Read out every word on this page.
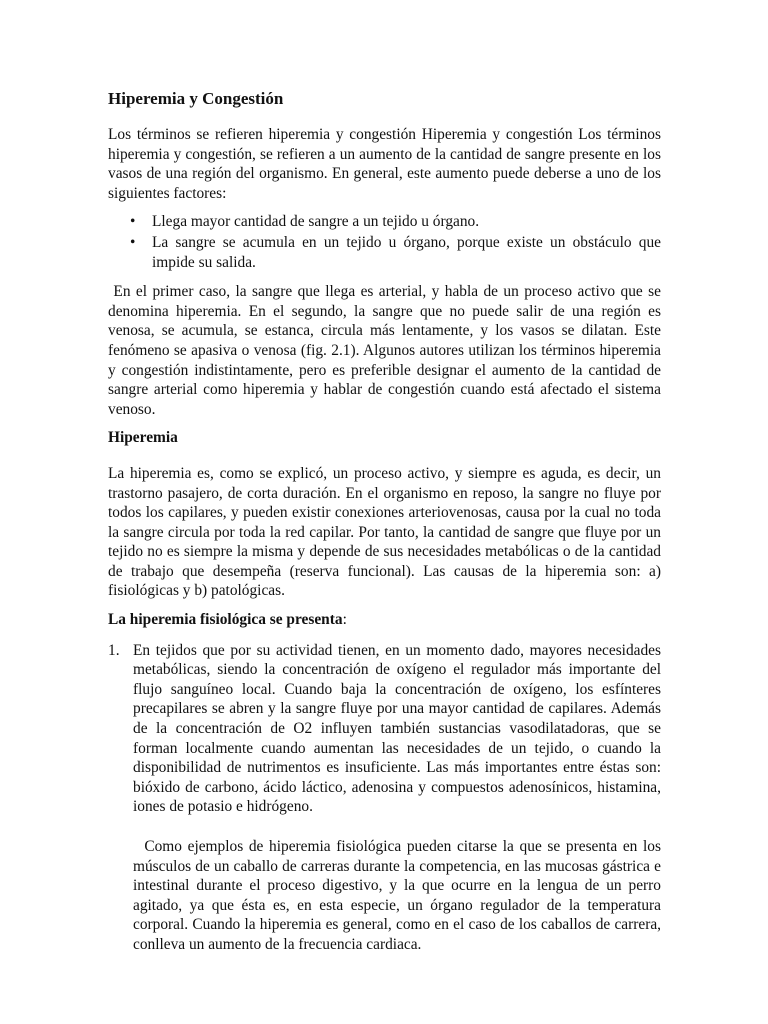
Hiperemia y Congestión

Los términos se refieren hiperemia y congestión Hiperemia y congestión Los términos hiperemia y congestión, se refieren a un aumento de la cantidad de sangre presente en los vasos de una región del organismo. En general, este aumento puede deberse a uno de los siguientes factores:

• Llega mayor cantidad de sangre a un tejido u órgano.
• La sangre se acumula en un tejido u órgano, porque existe un obstáculo que impide su salida.

En el primer caso, la sangre que llega es arterial, y habla de un proceso activo que se denomina hiperemia. En el segundo, la sangre que no puede salir de una región es venosa, se acumula, se estanca, circula más lentamente, y los vasos se dilatan. Este fenómeno se apasiva o venosa (fig. 2.1). Algunos autores utilizan los términos hiperemia y congestión indistintamente, pero es preferible designar el aumento de la cantidad de sangre arterial como hiperemia y hablar de congestión cuando está afectado el sistema venoso.

Hiperemia

La hiperemia es, como se explicó, un proceso activo, y siempre es aguda, es decir, un trastorno pasajero, de corta duración. En el organismo en reposo, la sangre no fluye por todos los capilares, y pueden existir conexiones arteriovenosas, causa por la cual no toda la sangre circula por toda la red capilar. Por tanto, la cantidad de sangre que fluye por un tejido no es siempre la misma y depende de sus necesidades metabólicas o de la cantidad de trabajo que desempeña (reserva funcional). Las causas de la hiperemia son: a) fisiológicas y b) patológicas.

La hiperemia fisiológica se presenta:
1. En tejidos que por su actividad tienen, en un momento dado, mayores necesidades metabólicas, siendo la concentración de oxígeno el regulador más importante del flujo sanguíneo local. Cuando baja la concentración de oxígeno, los esfínteres precapilares se abren y la sangre fluye por una mayor cantidad de capilares. Además de la concentración de O2 influyen también sustancias vasodilatadoras, que se forman localmente cuando aumentan las necesidades de un tejido, o cuando la disponibilidad de nutrimentos es insuficiente. Las más importantes entre éstas son: bióxido de carbono, ácido láctico, adenosina y compuestos adenosínicos, histamina, iones de potasio e hidrógeno.

Como ejemplos de hiperemia fisiológica pueden citarse la que se presenta en los músculos de un caballo de carreras durante la competencia, en las mucosas gástrica e intestinal durante el proceso digestivo, y la que ocurre en la lengua de un perro agitado, ya que ésta es, en esta especie, un órgano regulador de la temperatura corporal. Cuando la hiperemia es general, como en el caso de los caballos de carrera, conlleva un aumento de la frecuencia cardiaca.
